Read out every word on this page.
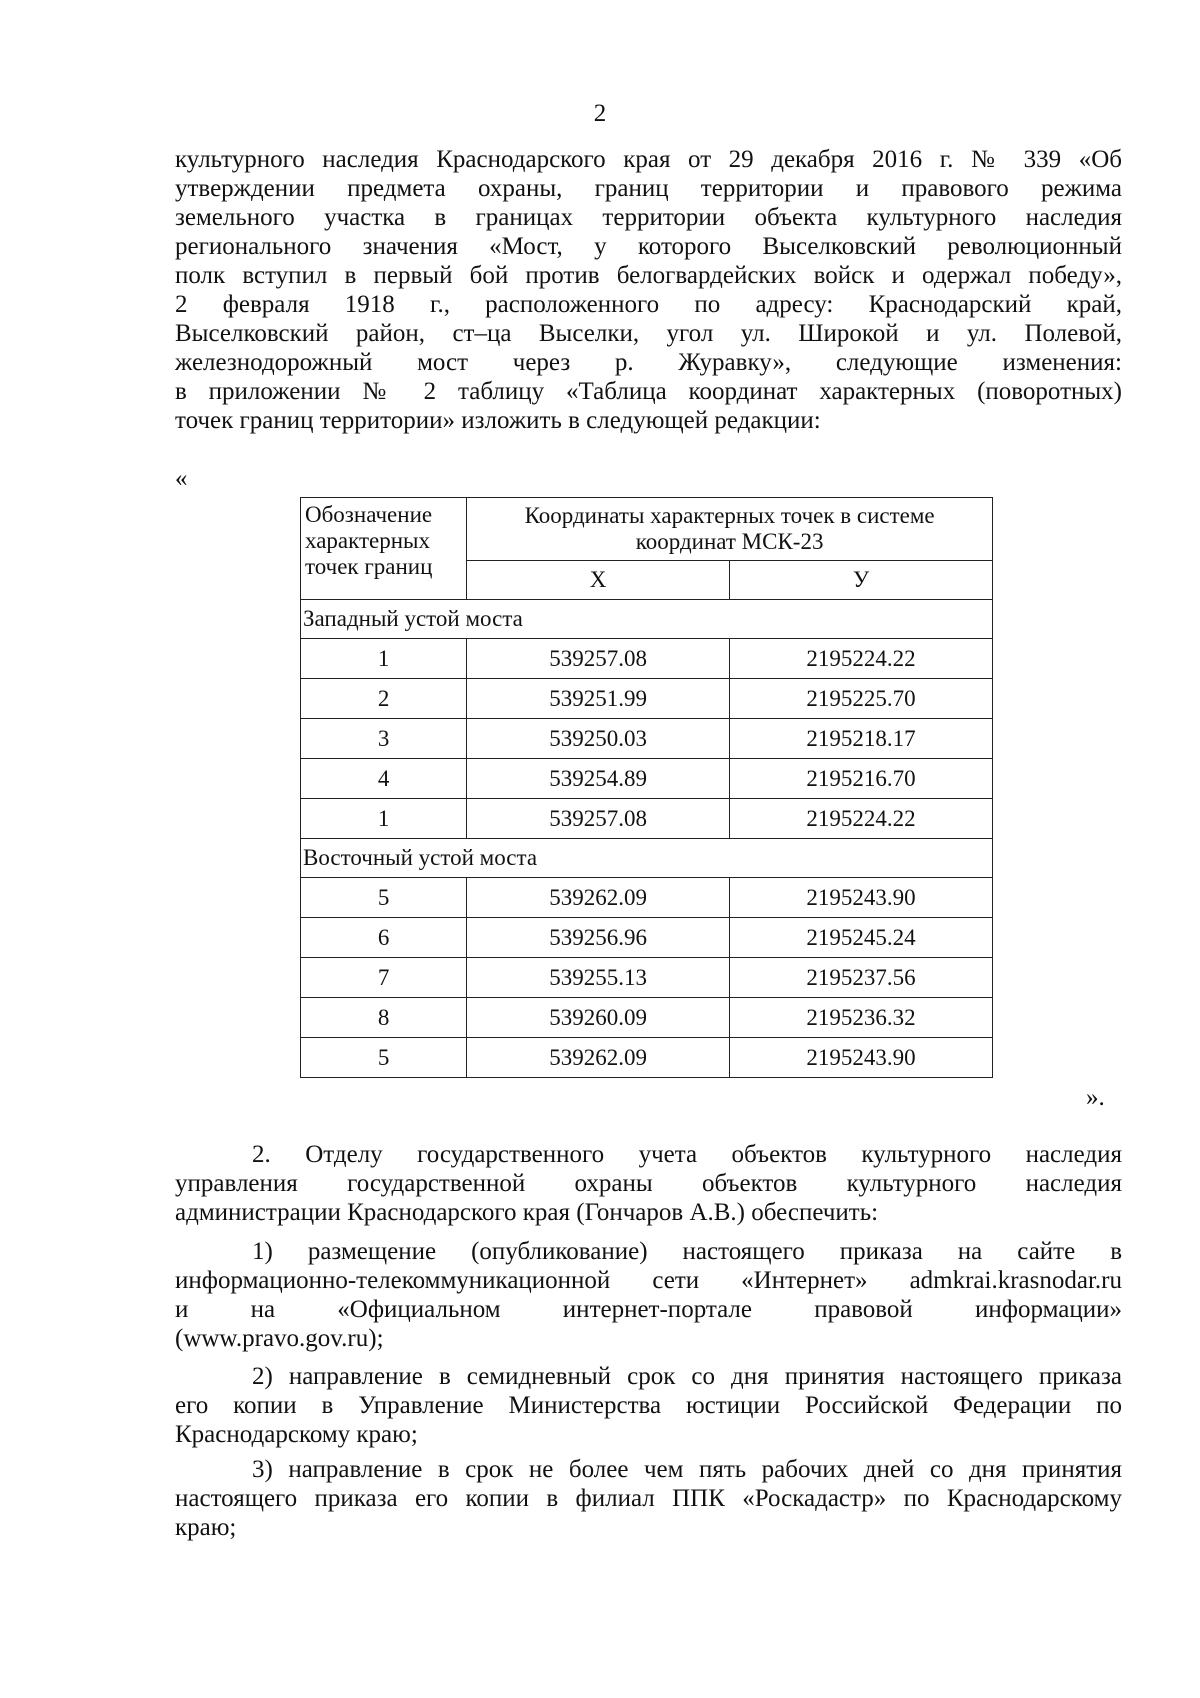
2
культурного наследия Краснодарского края от 29 декабря 2016 г. № 339 «Об
утверждении предмета охраны, границ территории и правового режима
земельного участка в границах территории объекта культурного наследия
регионального значения «Мост, у которого Выселковский революционный
полк вступил в первый бой против белогвардейских войск и одержал победу»,
2 февраля 1918 г., расположенного по адресу: Краснодарский край,
Выселковский район, ст–ца Выселки, угол ул. Широкой и ул. Полевой,
железнодорожный мост через р. Журавку», следующие изменения:
в приложении № 2 таблицу «Таблица координат характерных (поворотных)
точек границ территории» изложить в следующей редакции:
«
Обозначение характерных точек границ	Координаты характерных точек в системе координат МСК-23	
	X	У
Западный устой моста		
1	539257.08	2195224.22
2	539251.99	2195225.70
3	539250.03	2195218.17
4	539254.89	2195216.70
1	539257.08	2195224.22
Восточный устой моста		
5	539262.09	2195243.90
6	539256.96	2195245.24
7	539255.13	2195237.56
8	539260.09	2195236.32
5	539262.09	2195243.90
».
2. Отделу государственного учета объектов культурного наследия
управления государственной охраны объектов культурного наследия
администрации Краснодарского края (Гончаров А.В.) обеспечить:
1) размещение (опубликование) настоящего приказа на сайте в
информационно-телекоммуникационной сети «Интернет» admkrai.krasnodar.ru
и на «Официальном интернет-портале правовой информации»
(www.pravo.gov.ru);
2) направление в семидневный срок со дня принятия настоящего приказа
его копии в Управление Министерства юстиции Российской Федерации по
Краснодарскому краю;
3) направление в срок не более чем пять рабочих дней со дня принятия
настоящего приказа его копии в филиал ППК «Роскадастр» по Краснодарскому
краю;
